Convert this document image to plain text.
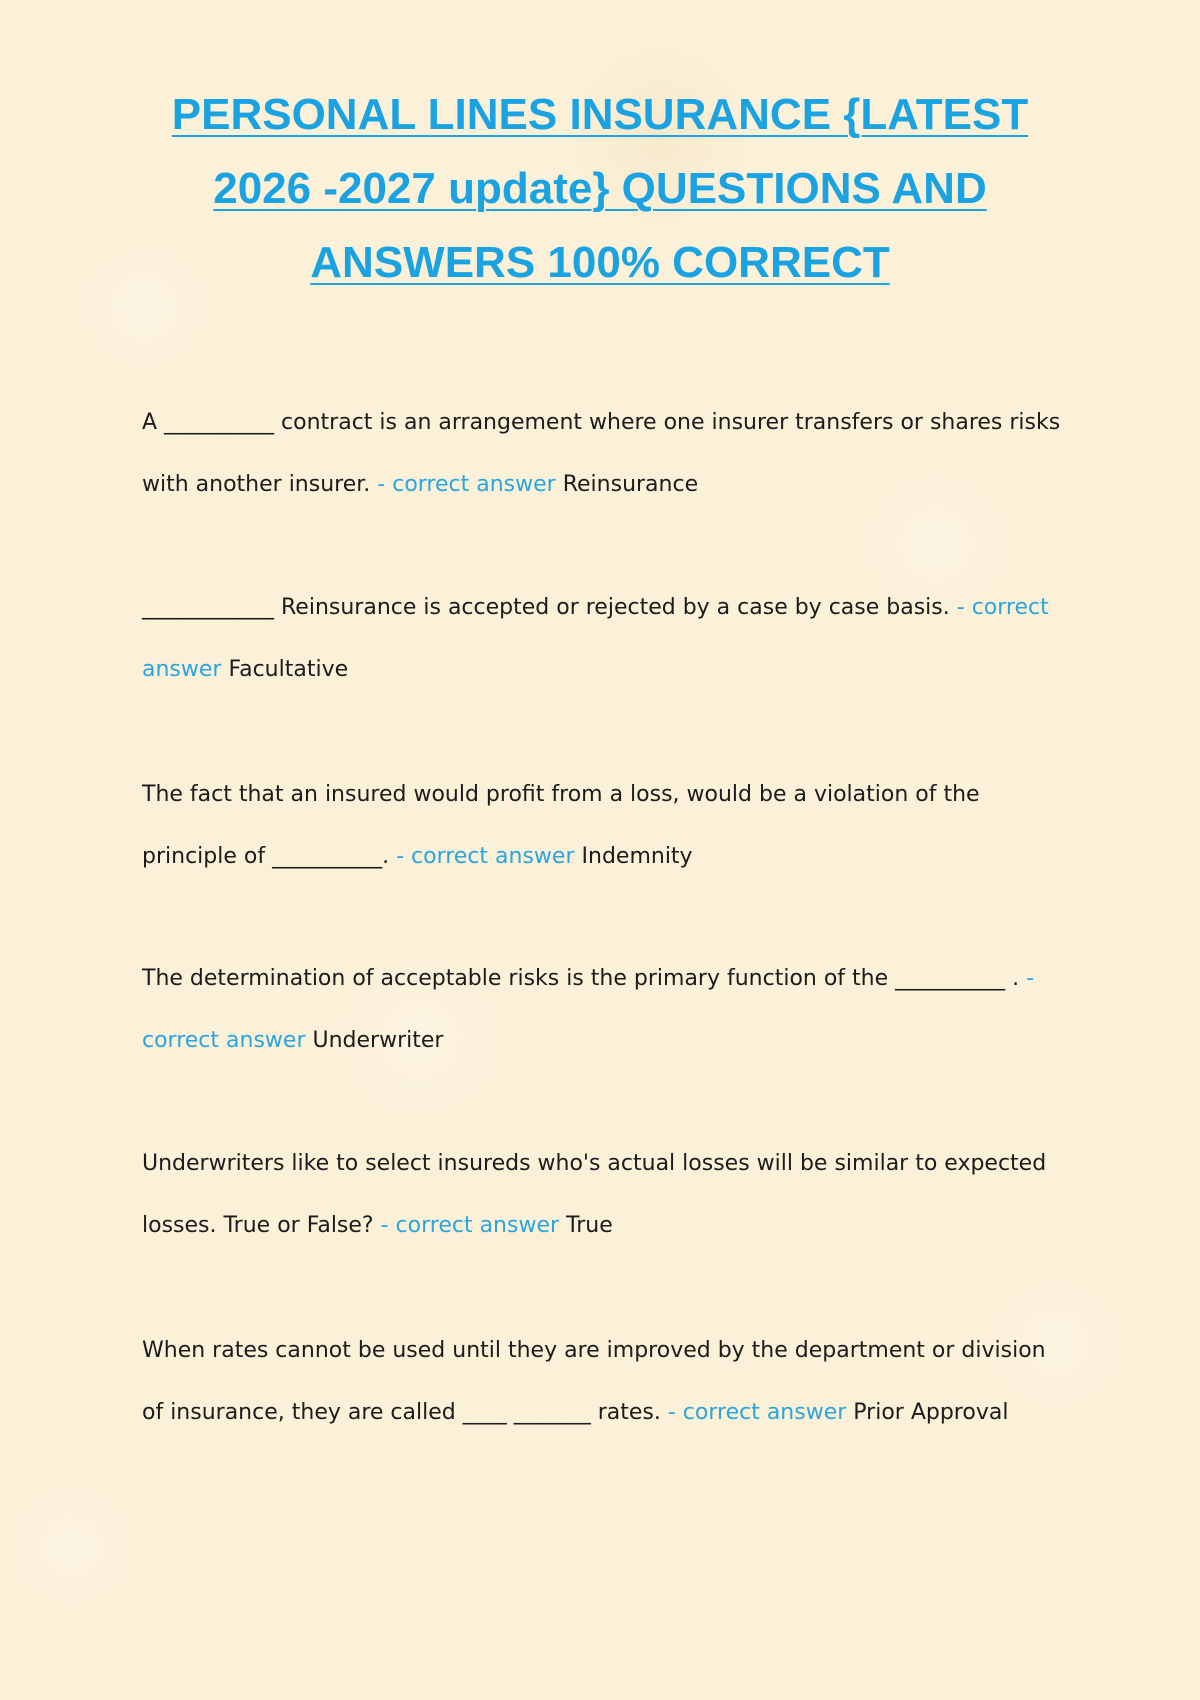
PERSONAL LINES INSURANCE {LATEST 2026 -2027 update} QUESTIONS AND ANSWERS 100% CORRECT

A __________ contract is an arrangement where one insurer transfers or shares risks with another insurer. - correct answer Reinsurance

____________ Reinsurance is accepted or rejected by a case by case basis. - correct answer Facultative

The fact that an insured would profit from a loss, would be a violation of the principle of __________. - correct answer Indemnity

The determination of acceptable risks is the primary function of the __________ . - correct answer Underwriter

Underwriters like to select insureds who's actual losses will be similar to expected losses. True or False? - correct answer True

When rates cannot be used until they are improved by the department or division of insurance, they are called ____ _______ rates. - correct answer Prior Approval
